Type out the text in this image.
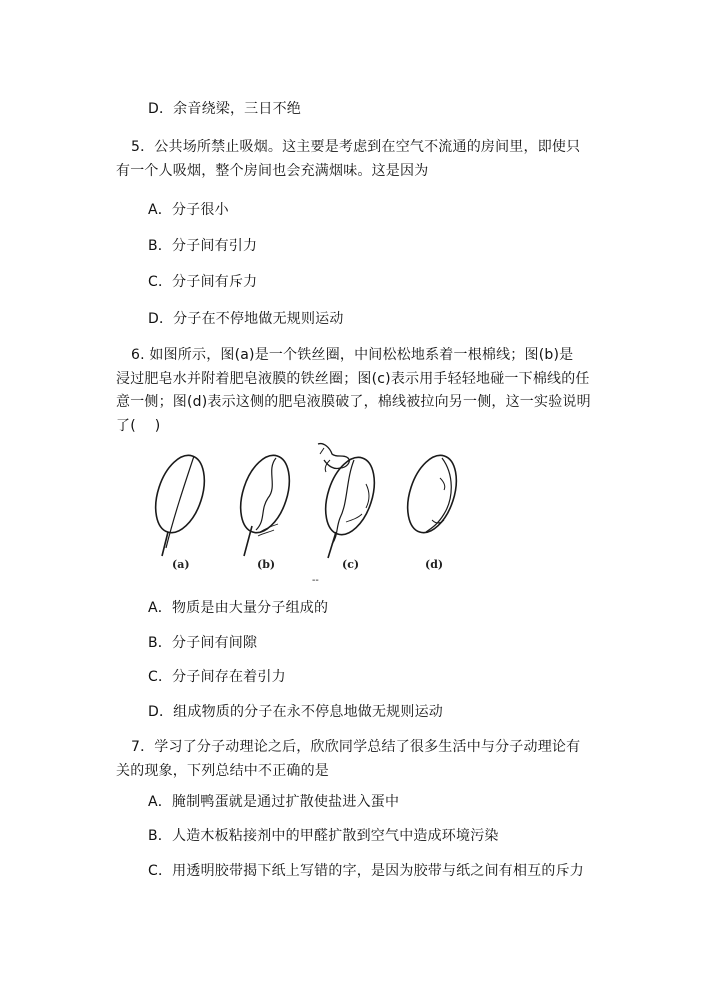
D．余音绕梁，三日不绝
5．公共场所禁止吸烟。这主要是考虑到在空气不流通的房间里，即使只
有一个人吸烟，整个房间也会充满烟味。这是因为
A．分子很小
B．分子间有引力
C．分子间有斥力
D．分子在不停地做无规则运动
6. 如图所示，图(a)是一个铁丝圈，中间松松地系着一根棉线；图(b)是
浸过肥皂水并附着肥皂液膜的铁丝圈；图(c)表示用手轻轻地碰一下棉线的任
意一侧；图(d)表示这侧的肥皂液膜破了，棉线被拉向另一侧，这一实验说明
了(　 )
(a)	(b)	(c)	(d)
--
A．物质是由大量分子组成的
B．分子间有间隙
C．分子间存在着引力
D．组成物质的分子在永不停息地做无规则运动
7．学习了分子动理论之后，欣欣同学总结了很多生活中与分子动理论有
关的现象，下列总结中不正确的是
A．腌制鸭蛋就是通过扩散使盐进入蛋中
B．人造木板粘接剂中的甲醛扩散到空气中造成环境污染
C．用透明胶带揭下纸上写错的字，是因为胶带与纸之间有相互的斥力
